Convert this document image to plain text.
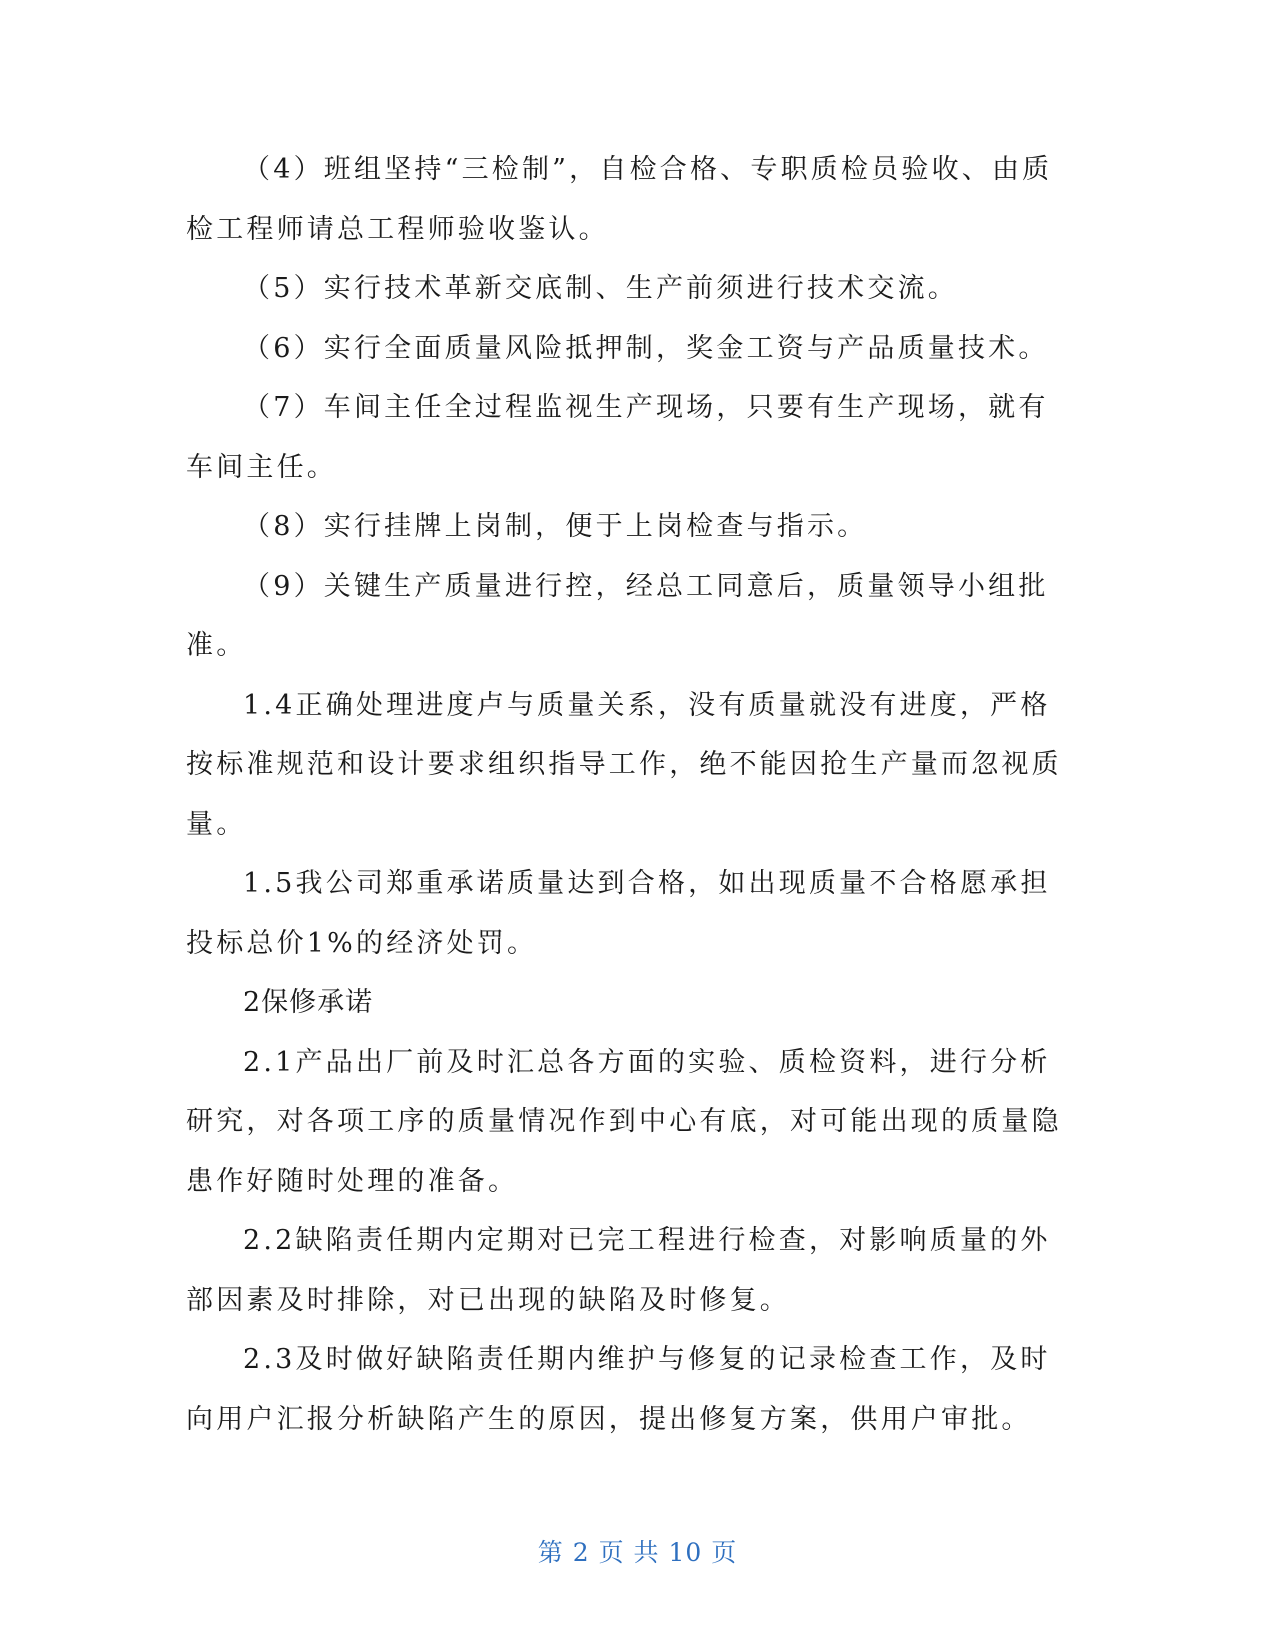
（4）班组坚持“三检制”，自检合格、专职质检员验收、由质检工程师请总工程师验收鉴认。

（5）实行技术革新交底制、生产前须进行技术交流。

（6）实行全面质量风险抵押制，奖金工资与产品质量技术。

（7）车间主任全过程监视生产现场，只要有生产现场，就有车间主任。

（8）实行挂牌上岗制，便于上岗检查与指示。

（9）关键生产质量进行控，经总工同意后，质量领导小组批准。

1.4正确处理进度卢与质量关系，没有质量就没有进度，严格按标准规范和设计要求组织指导工作，绝不能因抢生产量而忽视质量。

1.5我公司郑重承诺质量达到合格，如出现质量不合格愿承担投标总价1%的经济处罚。

2保修承诺

2.1产品出厂前及时汇总各方面的实验、质检资料，进行分析研究，对各项工序的质量情况作到中心有底，对可能出现的质量隐患作好随时处理的准备。

2.2缺陷责任期内定期对已完工程进行检查，对影响质量的外部因素及时排除，对已出现的缺陷及时修复。

2.3及时做好缺陷责任期内维护与修复的记录检查工作，及时向用户汇报分析缺陷产生的原因，提出修复方案，供用户审批。

第 2 页 共 10 页
